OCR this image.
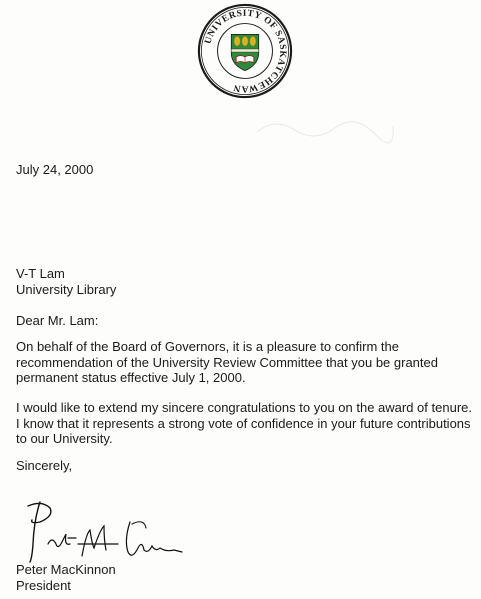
UNIVERSITY OF SASKATCHEWAN
July 24, 2000
V-T Lam
University Library
Dear Mr. Lam:
On behalf of the Board of Governors, it is a pleasure to confirm the
recommendation of the University Review Committee that you be granted
permanent status effective July 1, 2000.
I would like to extend my sincere congratulations to you on the award of tenure.
I know that it represents a strong vote of confidence in your future contributions
to our University.
Sincerely,
Peter MacKinnon
President
